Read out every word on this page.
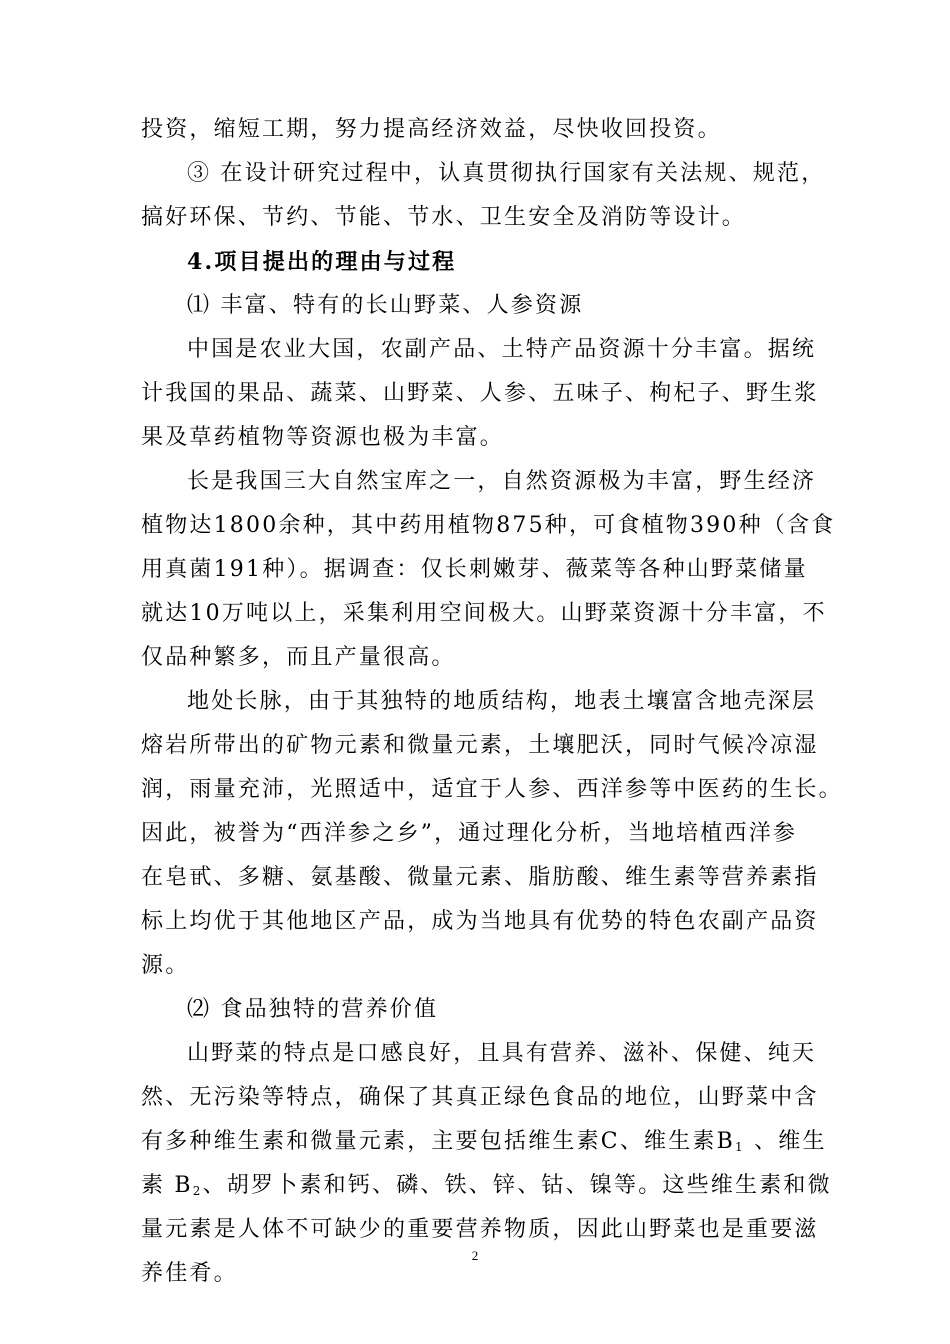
投资，缩短工期，努力提高经济效益，尽快收回投资。
③ 在设计研究过程中，认真贯彻执行国家有关法规、规范，
搞好环保、节约、节能、节水、卫生安全及消防等设计。
4.项目提出的理由与过程
⑴ 丰富、特有的长山野菜、人参资源
中国是农业大国，农副产品、土特产品资源十分丰富。据统
计我国的果品、蔬菜、山野菜、人参、五味子、枸杞子、野生浆
果及草药植物等资源也极为丰富。
长是我国三大自然宝库之一，自然资源极为丰富，野生经济
植物达1800余种，其中药用植物875种，可食植物390种（含食
用真菌191种）。据调查：仅长刺嫩芽、薇菜等各种山野菜储量
就达10万吨以上，采集利用空间极大。山野菜资源十分丰富，不
仅品种繁多，而且产量很高。
地处长脉，由于其独特的地质结构，地表土壤富含地壳深层
熔岩所带出的矿物元素和微量元素，土壤肥沃，同时气候冷凉湿
润，雨量充沛，光照适中，适宜于人参、西洋参等中医药的生长。
因此，被誉为“西洋参之乡”，通过理化分析，当地培植西洋参
在皂甙、多糖、氨基酸、微量元素、脂肪酸、维生素等营养素指
标上均优于其他地区产品，成为当地具有优势的特色农副产品资
源。
⑵ 食品独特的营养价值
山野菜的特点是口感良好，且具有营养、滋补、保健、纯天
然、无污染等特点，确保了其真正绿色食品的地位，山野菜中含
有多种维生素和微量元素，主要包括维生素C、维生素$B_1$ 、维生
素 $B_2$、胡罗卜素和钙、磷、铁、锌、钴、镍等。这些维生素和微
量元素是人体不可缺少的重要营养物质，因此山野菜也是重要滋
养佳肴。
2
